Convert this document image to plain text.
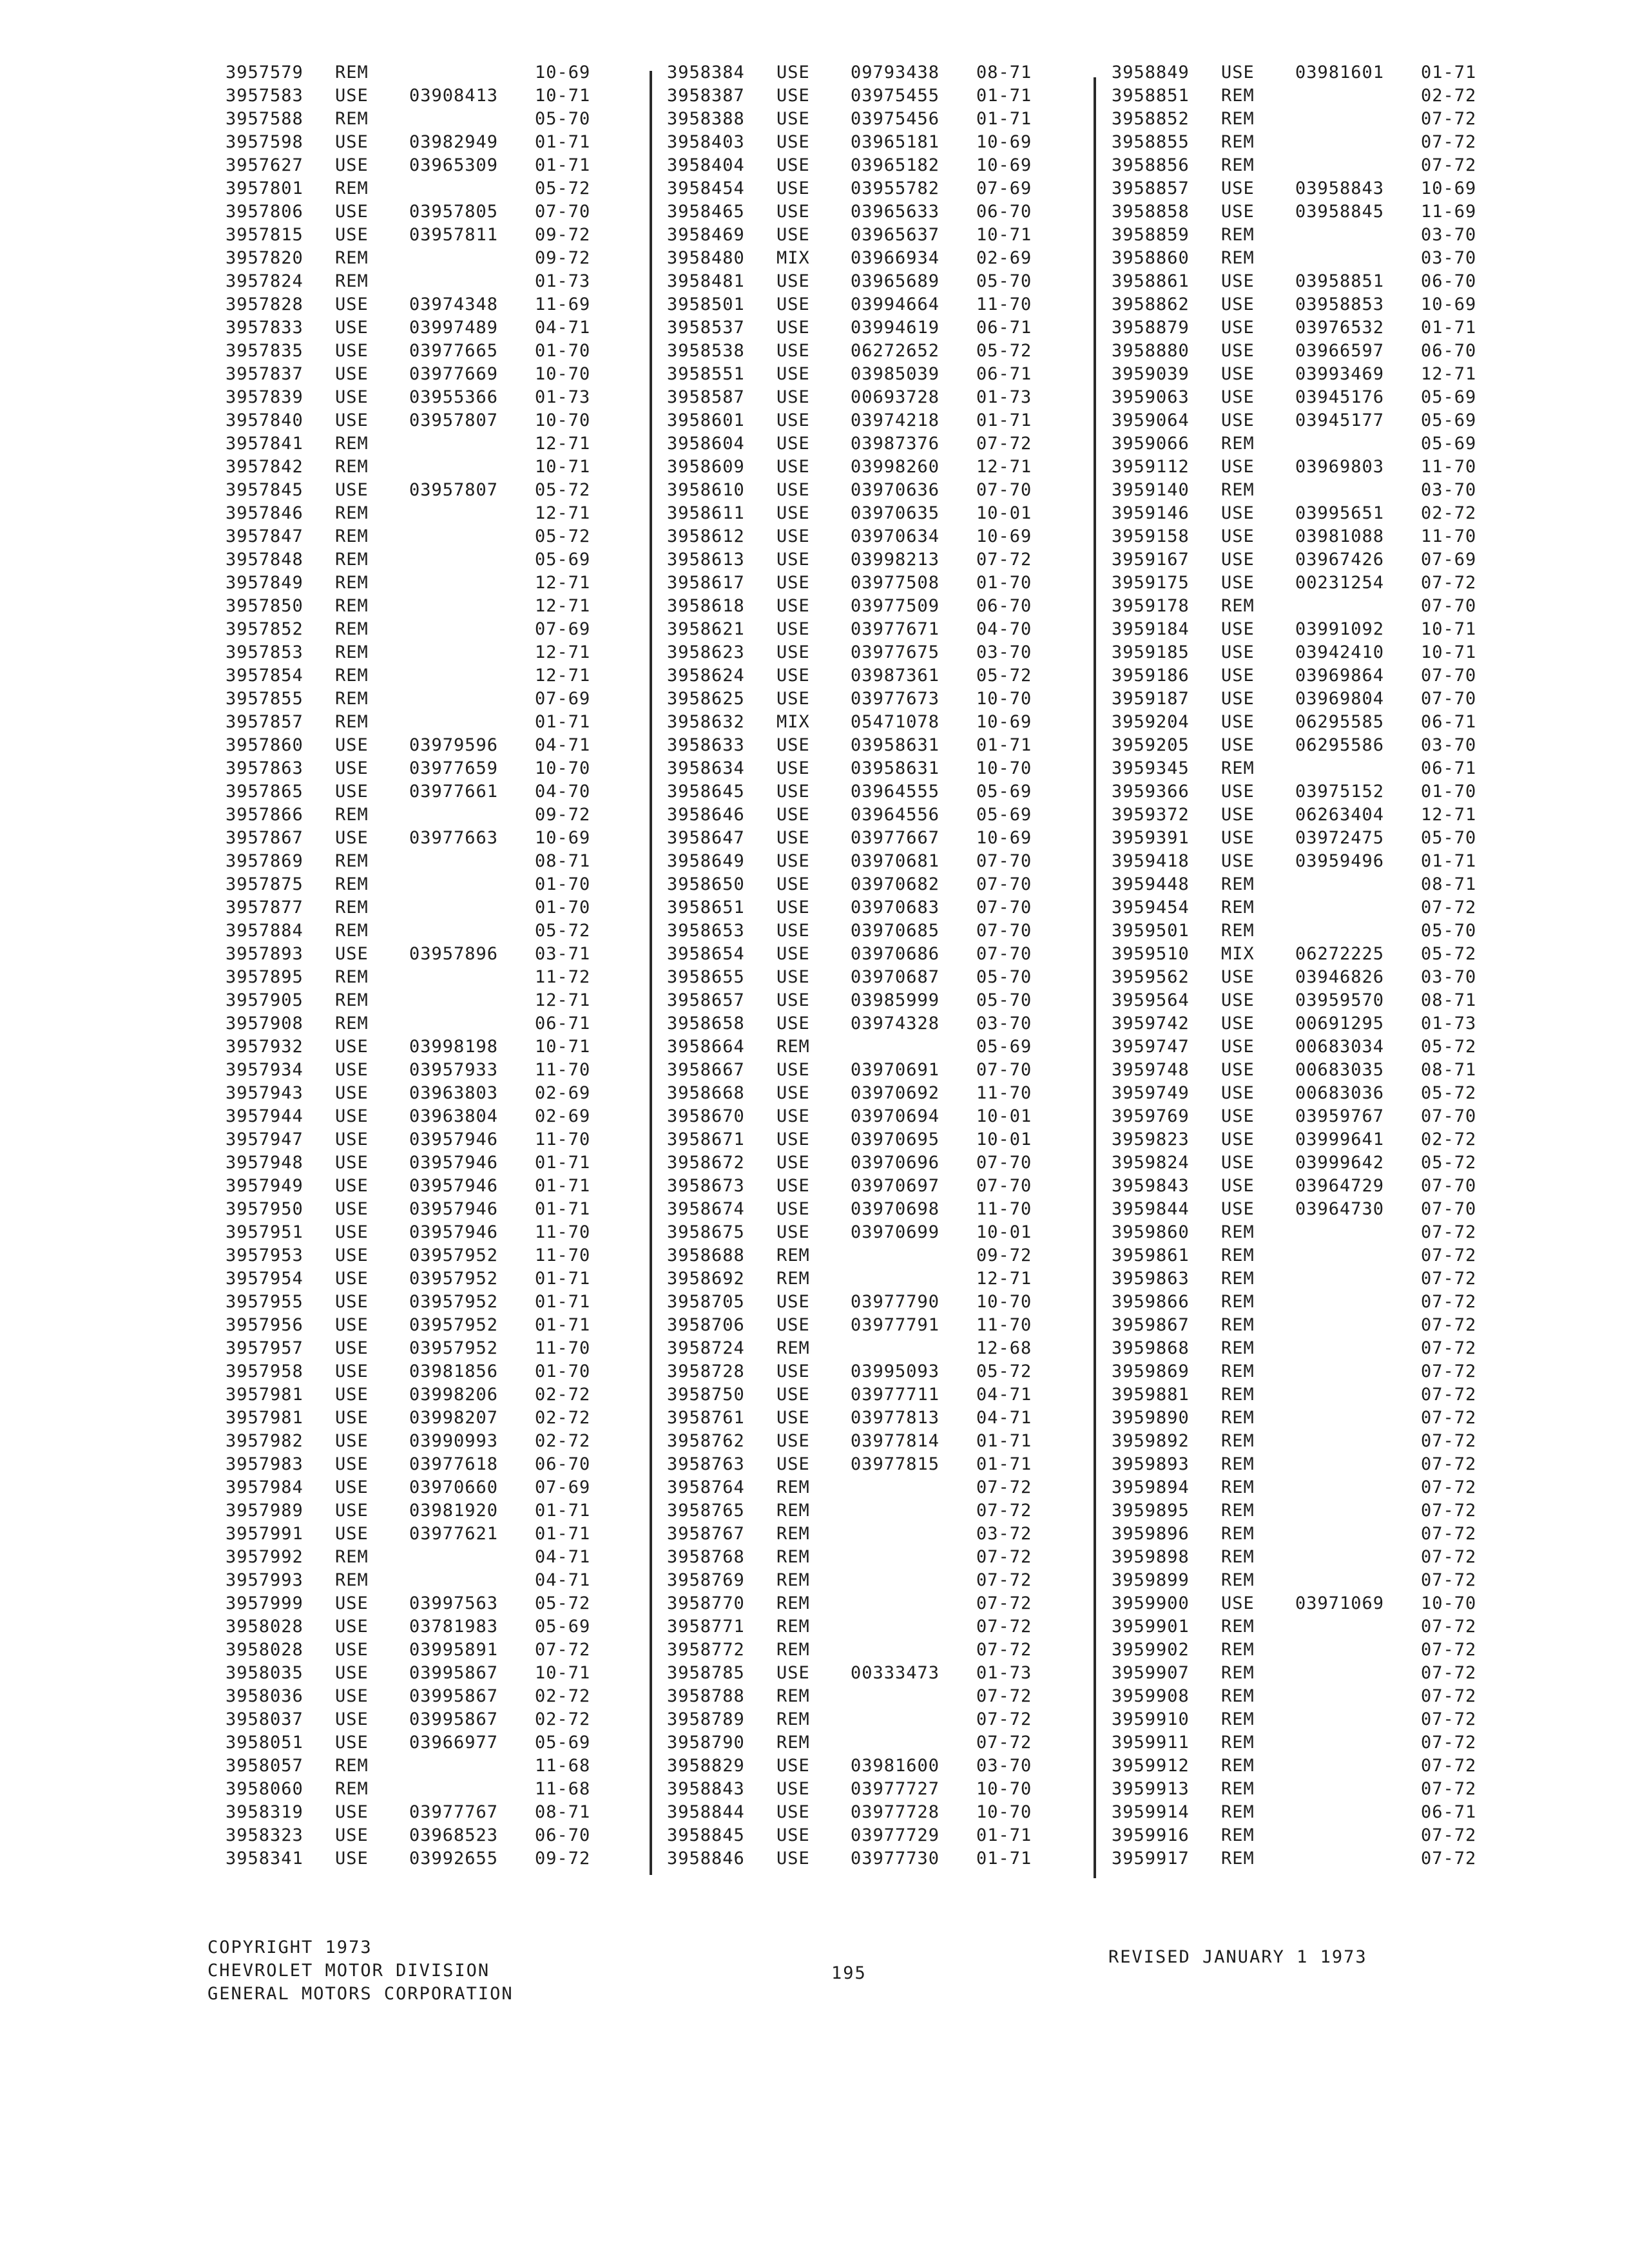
3957579 REM	10-69
3957583 USE 03908413 10-71
3957588 REM	05-70
3957598 USE 03982949 01-71
3957627 USE 03965309 01-71
3957801 REM	05-72
3957806 USE 03957805 07-70
3957815 USE 03957811 09-72
3957820 REM	09-72
3957824 REM	01-73
3957828 USE 03974348 11-69
3957833 USE 03997489 04-71
3957835 USE 03977665 01-70
3957837 USE 03977669 10-70
3957839 USE 03955366 01-73
3957840 USE 03957807 10-70
3957841 REM	12-71
3957842 REM	10-71
3957845 USE 03957807 05-72
3957846 REM	12-71
3957847 REM	05-72
3957848 REM	05-69
3957849 REM	12-71
3957850 REM	12-71
3957852 REM	07-69
3957853 REM	12-71
3957854 REM	12-71
3957855 REM	07-69
3957857 REM	01-71
3957860 USE 03979596 04-71
3957863 USE 03977659 10-70
3957865 USE 03977661 04-70
3957866 REM	09-72
3957867 USE 03977663 10-69
3957869 REM	08-71
3957875 REM	01-70
3957877 REM	01-70
3957884 REM	05-72
3957893 USE 03957896 03-71
3957895 REM	11-72
3957905 REM	12-71
3957908 REM	06-71
3957932 USE 03998198 10-71
3957934 USE 03957933 11-70
3957943 USE 03963803 02-69
3957944 USE 03963804 02-69
3957947 USE 03957946 11-70
3957948 USE 03957946 01-71
3957949 USE 03957946 01-71
3957950 USE 03957946 01-71
3957951 USE 03957946 11-70
3957953 USE 03957952 11-70
3957954 USE 03957952 01-71
3957955 USE 03957952 01-71
3957956 USE 03957952 01-71
3957957 USE 03957952 11-70
3957958 USE 03981856 01-70
3957981 USE 03998206 02-72
3957981 USE 03998207 02-72
3957982 USE 03990993 02-72
3957983 USE 03977618 06-70
3957984 USE 03970660 07-69
3957989 USE 03981920 01-71
3957991 USE 03977621 01-71
3957992 REM	04-71
3957993 REM	04-71
3957999 USE 03997563 05-72
3958028 USE 03781983 05-69
3958028 USE 03995891 07-72
3958035 USE 03995867 10-71
3958036 USE 03995867 02-72
3958037 USE 03995867 02-72
3958051 USE 03966977 05-69
3958057 REM	11-68
3958060 REM	11-68
3958319 USE 03977767 08-71
3958323 USE 03968523 06-70
3958341 USE 03992655 09-72
3958384 USE 09793438 08-71
3958387 USE 03975455 01-71
3958388 USE 03975456 01-71
3958403 USE 03965181 10-69
3958404 USE 03965182 10-69
3958454 USE 03955782 07-69
3958465 USE 03965633 06-70
3958469 USE 03965637 10-71
3958480 MIX 03966934 02-69
3958481 USE 03965689 05-70
3958501 USE 03994664 11-70
3958537 USE 03994619 06-71
3958538 USE 06272652 05-72
3958551 USE 03985039 06-71
3958587 USE 00693728 01-73
3958601 USE 03974218 01-71
3958604 USE 03987376 07-72
3958609 USE 03998260 12-71
3958610 USE 03970636 07-70
3958611 USE 03970635 10-01
3958612 USE 03970634 10-69
3958613 USE 03998213 07-72
3958617 USE 03977508 01-70
3958618 USE 03977509 06-70
3958621 USE 03977671 04-70
3958623 USE 03977675 03-70
3958624 USE 03987361 05-72
3958625 USE 03977673 10-70
3958632 MIX 05471078 10-69
3958633 USE 03958631 01-71
3958634 USE 03958631 10-70
3958645 USE 03964555 05-69
3958646 USE 03964556 05-69
3958647 USE 03977667 10-69
3958649 USE 03970681 07-70
3958650 USE 03970682 07-70
3958651 USE 03970683 07-70
3958653 USE 03970685 07-70
3958654 USE 03970686 07-70
3958655 USE 03970687 05-70
3958657 USE 03985999 05-70
3958658 USE 03974328 03-70
3958664 REM	05-69
3958667 USE 03970691 07-70
3958668 USE 03970692 11-70
3958670 USE 03970694 10-01
3958671 USE 03970695 10-01
3958672 USE 03970696 07-70
3958673 USE 03970697 07-70
3958674 USE 03970698 11-70
3958675 USE 03970699 10-01
3958688 REM	09-72
3958692 REM	12-71
3958705 USE 03977790 10-70
3958706 USE 03977791 11-70
3958724 REM	12-68
3958728 USE 03995093 05-72
3958750 USE 03977711 04-71
3958761 USE 03977813 04-71
3958762 USE 03977814 01-71
3958763 USE 03977815 01-71
3958764 REM	07-72
3958765 REM	07-72
3958767 REM	03-72
3958768 REM	07-72
3958769 REM	07-72
3958770 REM	07-72
3958771 REM	07-72
3958772 REM	07-72
3958785 USE 00333473 01-73
3958788 REM	07-72
3958789 REM	07-72
3958790 REM	07-72
3958829 USE 03981600 03-70
3958843 USE 03977727 10-70
3958844 USE 03977728 10-70
3958845 USE 03977729 01-71
3958846 USE 03977730 01-71
3958849 USE 03981601 01-71
3958851 REM	02-72
3958852 REM	07-72
3958855 REM	07-72
3958856 REM	07-72
3958857 USE 03958843 10-69
3958858 USE 03958845 11-69
3958859 REM	03-70
3958860 REM	03-70
3958861 USE 03958851 06-70
3958862 USE 03958853 10-69
3958879 USE 03976532 01-71
3958880 USE 03966597 06-70
3959039 USE 03993469 12-71
3959063 USE 03945176 05-69
3959064 USE 03945177 05-69
3959066 REM	05-69
3959112 USE 03969803 11-70
3959140 REM	03-70
3959146 USE 03995651 02-72
3959158 USE 03981088 11-70
3959167 USE 03967426 07-69
3959175 USE 00231254 07-72
3959178 REM	07-70
3959184 USE 03991092 10-71
3959185 USE 03942410 10-71
3959186 USE 03969864 07-70
3959187 USE 03969804 07-70
3959204 USE 06295585 06-71
3959205 USE 06295586 03-70
3959345 REM	06-71
3959366 USE 03975152 01-70
3959372 USE 06263404 12-71
3959391 USE 03972475 05-70
3959418 USE 03959496 01-71
3959448 REM	08-71
3959454 REM	07-72
3959501 REM	05-70
3959510 MIX 06272225 05-72
3959562 USE 03946826 03-70
3959564 USE 03959570 08-71
3959742 USE 00691295 01-73
3959747 USE 00683034 05-72
3959748 USE 00683035 08-71
3959749 USE 00683036 05-72
3959769 USE 03959767 07-70
3959823 USE 03999641 02-72
3959824 USE 03999642 05-72
3959843 USE 03964729 07-70
3959844 USE 03964730 07-70
3959860 REM	07-72
3959861 REM	07-72
3959863 REM	07-72
3959866 REM	07-72
3959867 REM	07-72
3959868 REM	07-72
3959869 REM	07-72
3959881 REM	07-72
3959890 REM	07-72
3959892 REM	07-72
3959893 REM	07-72
3959894 REM	07-72
3959895 REM	07-72
3959896 REM	07-72
3959898 REM	07-72
3959899 REM	07-72
3959900 USE 03971069 10-70
3959901 REM	07-72
3959902 REM	07-72
3959907 REM	07-72
3959908 REM	07-72
3959910 REM	07-72
3959911 REM	07-72
3959912 REM	07-72
3959913 REM	07-72
3959914 REM	06-71
3959916 REM	07-72
3959917 REM	07-72
COPYRIGHT 1973
CHEVROLET MOTOR DIVISION
GENERAL MOTORS CORPORATION
195
REVISED JANUARY 1 1973
